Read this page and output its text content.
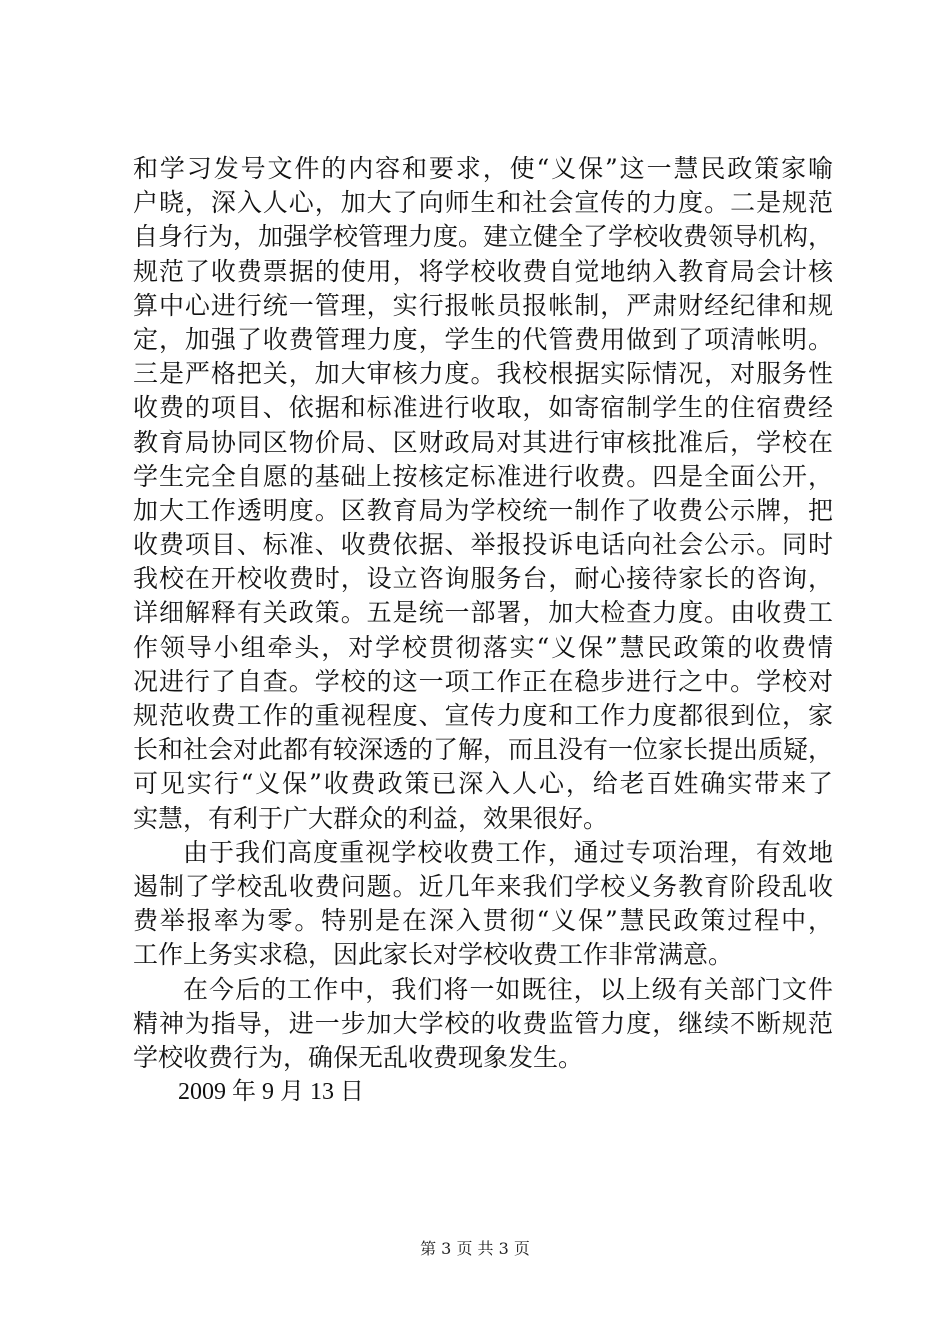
和学习发号文件的内容和要求，使“义保”这一慧民政策家喻
户晓，深入人心，加大了向师生和社会宣传的力度。二是规范
自身行为，加强学校管理力度。建立健全了学校收费领导机构，
规范了收费票据的使用，将学校收费自觉地纳入教育局会计核
算中心进行统一管理，实行报帐员报帐制，严肃财经纪律和规
定，加强了收费管理力度，学生的代管费用做到了项清帐明。
三是严格把关，加大审核力度。我校根据实际情况，对服务性
收费的项目、依据和标准进行收取，如寄宿制学生的住宿费经
教育局协同区物价局、区财政局对其进行审核批准后，学校在
学生完全自愿的基础上按核定标准进行收费。四是全面公开，
加大工作透明度。区教育局为学校统一制作了收费公示牌，把
收费项目、标准、收费依据、举报投诉电话向社会公示。同时
我校在开校收费时，设立咨询服务台，耐心接待家长的咨询，
详细解释有关政策。五是统一部署，加大检查力度。由收费工
作领导小组牵头，对学校贯彻落实“义保”慧民政策的收费情
况进行了自查。学校的这一项工作正在稳步进行之中。学校对
规范收费工作的重视程度、宣传力度和工作力度都很到位，家
长和社会对此都有较深透的了解，而且没有一位家长提出质疑，
可见实行“义保”收费政策已深入人心，给老百姓确实带来了
实慧，有利于广大群众的利益，效果很好。
由于我们高度重视学校收费工作，通过专项治理，有效地
遏制了学校乱收费问题。近几年来我们学校义务教育阶段乱收
费举报率为零。特别是在深入贯彻“义保”慧民政策过程中，
工作上务实求稳，因此家长对学校收费工作非常满意。
在今后的工作中，我们将一如既往，以上级有关部门文件
精神为指导，进一步加大学校的收费监管力度，继续不断规范
学校收费行为，确保无乱收费现象发生。
2009 年 9 月 13 日
第 3 页 共 3 页
